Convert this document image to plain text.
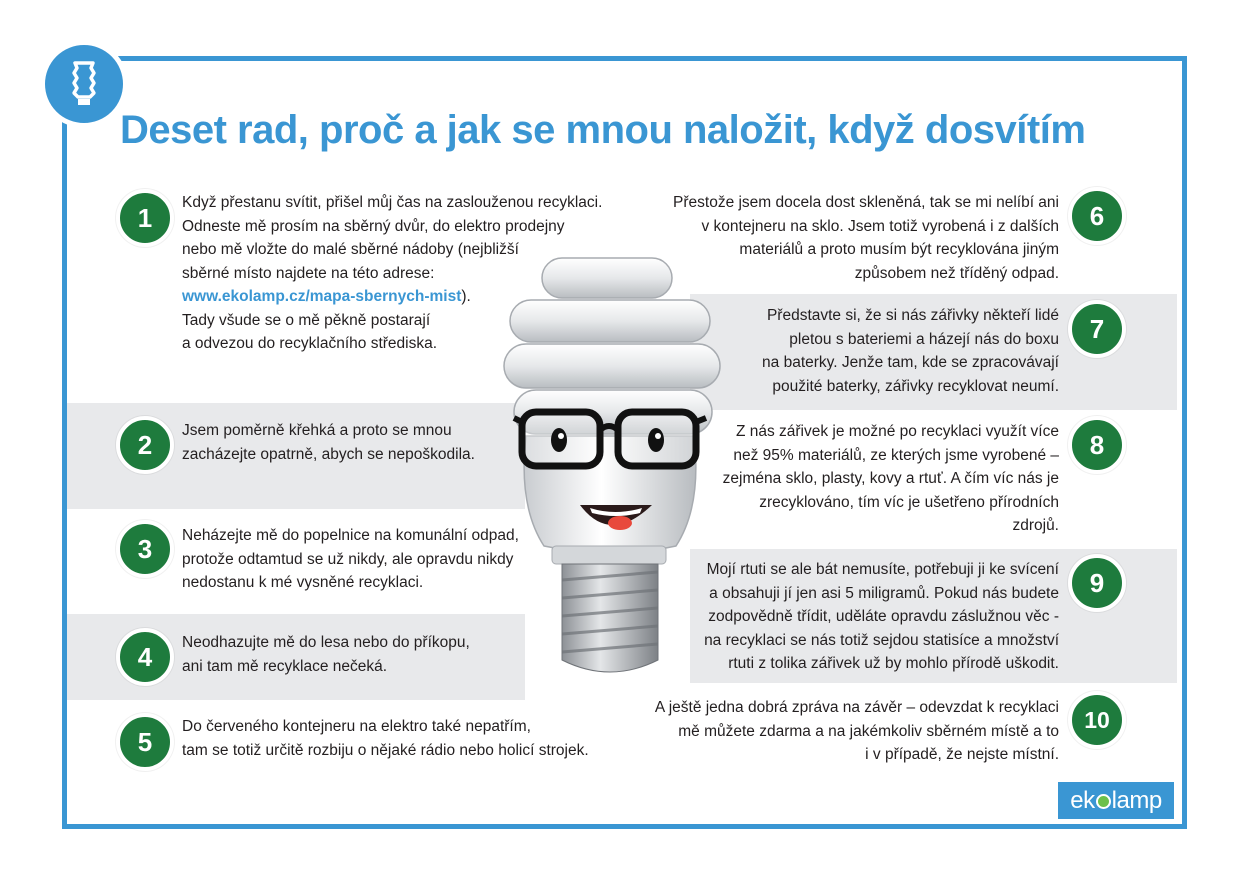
Deset rad, proč a jak se mnou naložit, když dosvítím
1

Když přestanu svítit, přišel můj čas na zaslouženou recyklaci.

Odneste mě prosím na sběrný dvůr, do elektro prodejny

nebo mě vložte do malé sběrné nádoby (nejbližší

sběrné místo najdete na této adrese:

www.ekolamp.cz/mapa-sbernych-mist).

Tady všude se o mě pěkně postarají

a odvezou do recyklačního střediska.

2	Jsem poměrně křehká a proto se mnou

zacházejte opatrně, abych se nepoškodila.

3	Neházejte mě do popelnice na komunální odpad,

protože odtamtud se už nikdy, ale opravdu nikdy

nedostanu k mé vysněné recyklaci.

4	Neodhazujte mě do lesa nebo do příkopu,

ani tam mě recyklace nečeká.

5

Do červeného kontejneru na elektro také nepatřím,

tam se totiž určitě rozbiju o nějaké rádio nebo holicí strojek.

6

Přestože jsem docela dost skleněná, tak se mi nelíbí ani

v kontejneru na sklo. Jsem totiž vyrobená i z dalších

materiálů a proto musím být recyklována jiným

způsobem než tříděný odpad.

7

Představte si, že si nás zářivky někteří lidé

pletou s bateriemi a házejí nás do boxu

na baterky. Jenže tam, kde se zpracovávají

použité baterky, zářivky recyklovat neumí.

8

Z nás zářivek je možné po recyklaci využít více

než 95% materiálů, ze kterých jsme vyrobené –

zejména sklo, plasty, kovy a rtuť. A čím víc nás je

zrecyklováno, tím víc je ušetřeno přírodních

zdrojů.

9

Mojí rtuti se ale bát nemusíte, potřebuji ji ke svícení

a obsahuji jí jen asi 5 miligramů. Pokud nás budete

zodpovědně třídit, uděláte opravdu záslužnou věc -

na recyklaci se nás totiž sejdou statisíce a množství

rtuti z tolika zářivek už by mohlo přírodě uškodit.

10

A ještě jedna dobrá zpráva na závěr – odevzdat k recyklaci

mě můžete zdarma a na jakémkoliv sběrném místě a to

i v případě, že nejste místní.

ek lamp
